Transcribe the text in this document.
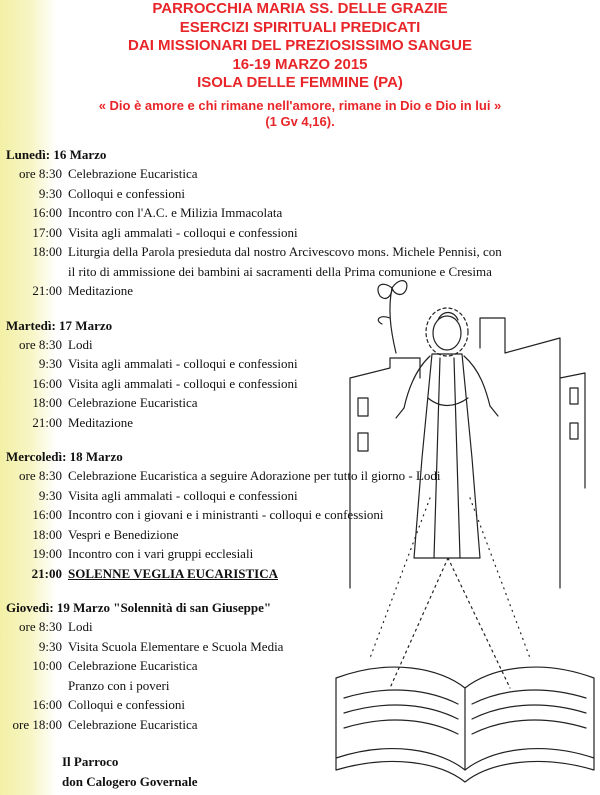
PARROCCHIA MARIA SS. DELLE GRAZIE
ESERCIZI SPIRITUALI PREDICATI
DAI MISSIONARI DEL PREZIOSISSIMO SANGUE
16-19 MARZO 2015
ISOLA DELLE FEMMINE (PA)
« Dio è amore e chi rimane nell'amore, rimane in Dio e Dio in lui »
(1 Gv 4,16).
Lunedì: 16 Marzo
ore 8:30 Celebrazione Eucaristica
9:30 Colloqui e confessioni
16:00 Incontro con l'A.C. e Milizia Immacolata
17:00 Visita agli ammalati - colloqui e confessioni
18:00 Liturgia della Parola presieduta dal nostro Arcivescovo mons. Michele Pennisi, con
il rito di ammissione dei bambini ai sacramenti della Prima comunione e Cresima
21:00 Meditazione
Martedì: 17 Marzo
ore 8:30 Lodi
9:30 Visita agli ammalati - colloqui e confessioni
16:00 Visita agli ammalati - colloqui e confessioni
18:00 Celebrazione Eucaristica
21:00 Meditazione
Mercoledì: 18 Marzo
ore 8:30 Celebrazione Eucaristica a seguire Adorazione per tutto il giorno - Lodi
9:30 Visita agli ammalati - colloqui e confessioni
16:00 Incontro con i giovani e i ministranti - colloqui e confessioni
18:00 Vespri e Benedizione
19:00 Incontro con i vari gruppi ecclesiali
21:00 SOLENNE VEGLIA EUCARISTICA
Giovedì: 19 Marzo "Solennità di san Giuseppe"
ore 8:30 Lodi
9:30 Visita Scuola Elementare e Scuola Media
10:00 Celebrazione Eucaristica
Pranzo con i poveri
16:00 Colloqui e confessioni
ore 18:00 Celebrazione Eucaristica
Il Parroco
don Calogero Governale
